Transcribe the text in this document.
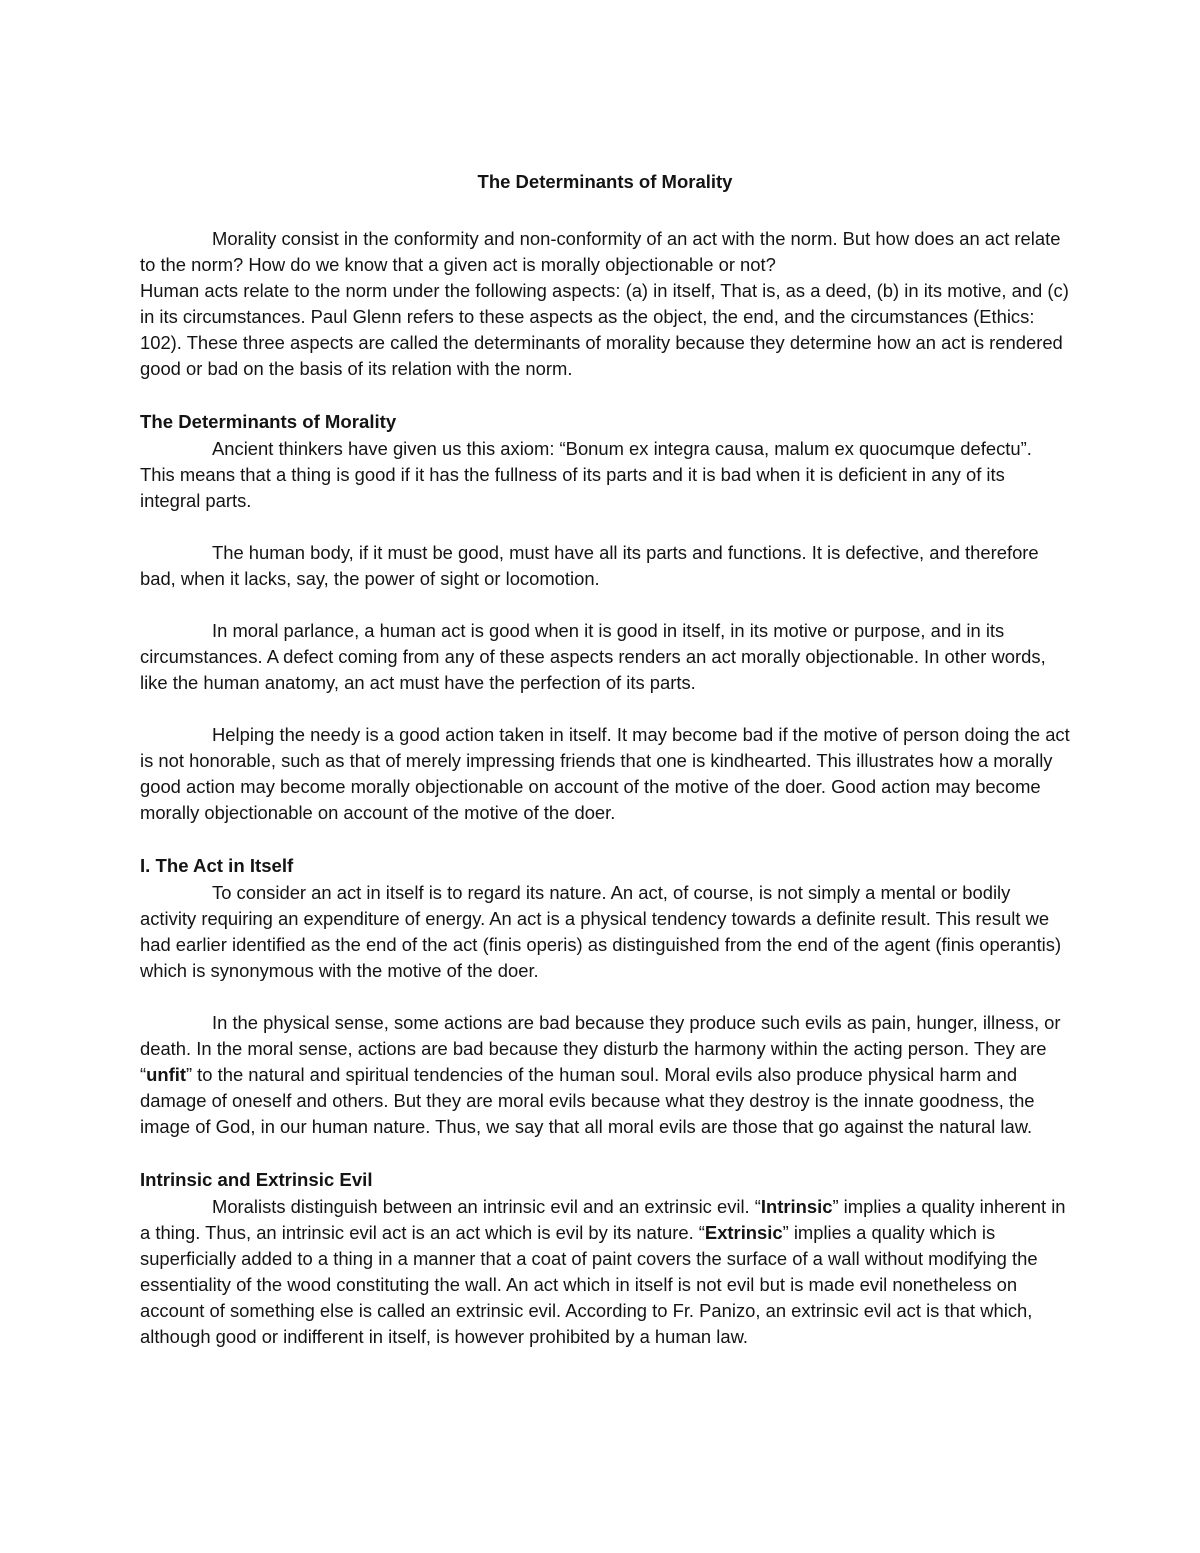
The Determinants of Morality

Morality consist in the conformity and non-conformity of an act with the norm. But how does an act relate to the norm? How do we know that a given act is morally objectionable or not?

Human acts relate to the norm under the following aspects: (a) in itself, That is, as a deed, (b) in its motive, and (c) in its circumstances. Paul Glenn refers to these aspects as the object, the end, and the circumstances (Ethics: 102). These three aspects are called the determinants of morality because they determine how an act is rendered good or bad on the basis of its relation with the norm.

The Determinants of Morality

Ancient thinkers have given us this axiom: “Bonum ex integra causa, malum ex quocumque defectu”. This means that a thing is good if it has the fullness of its parts and it is bad when it is deficient in any of its integral parts.

The human body, if it must be good, must have all its parts and functions. It is defective, and therefore bad, when it lacks, say, the power of sight or locomotion.

In moral parlance, a human act is good when it is good in itself, in its motive or purpose, and in its circumstances. A defect coming from any of these aspects renders an act morally objectionable. In other words, like the human anatomy, an act must have the perfection of its parts.

Helping the needy is a good action taken in itself. It may become bad if the motive of person doing the act is not honorable, such as that of merely impressing friends that one is kindhearted. This illustrates how a morally good action may become morally objectionable on account of the motive of the doer. Good action may become morally objectionable on account of the motive of the doer.

I. The Act in Itself

To consider an act in itself is to regard its nature. An act, of course, is not simply a mental or bodily activity requiring an expenditure of energy. An act is a physical tendency towards a definite result. This result we had earlier identified as the end of the act (finis operis) as distinguished from the end of the agent (finis operantis) which is synonymous with the motive of the doer.

In the physical sense, some actions are bad because they produce such evils as pain, hunger, illness, or death. In the moral sense, actions are bad because they disturb the harmony within the acting person. They are “unfit” to the natural and spiritual tendencies of the human soul. Moral evils also produce physical harm and damage of oneself and others. But they are moral evils because what they destroy is the innate goodness, the image of God, in our human nature. Thus, we say that all moral evils are those that go against the natural law.

Intrinsic and Extrinsic Evil

Moralists distinguish between an intrinsic evil and an extrinsic evil. “Intrinsic” implies a quality inherent in a thing. Thus, an intrinsic evil act is an act which is evil by its nature. “Extrinsic” implies a quality which is superficially added to a thing in a manner that a coat of paint covers the surface of a wall without modifying the essentiality of the wood constituting the wall. An act which in itself is not evil but is made evil nonetheless on account of something else is called an extrinsic evil. According to Fr. Panizo, an extrinsic evil act is that which, although good or indifferent in itself, is however prohibited by a human law.
